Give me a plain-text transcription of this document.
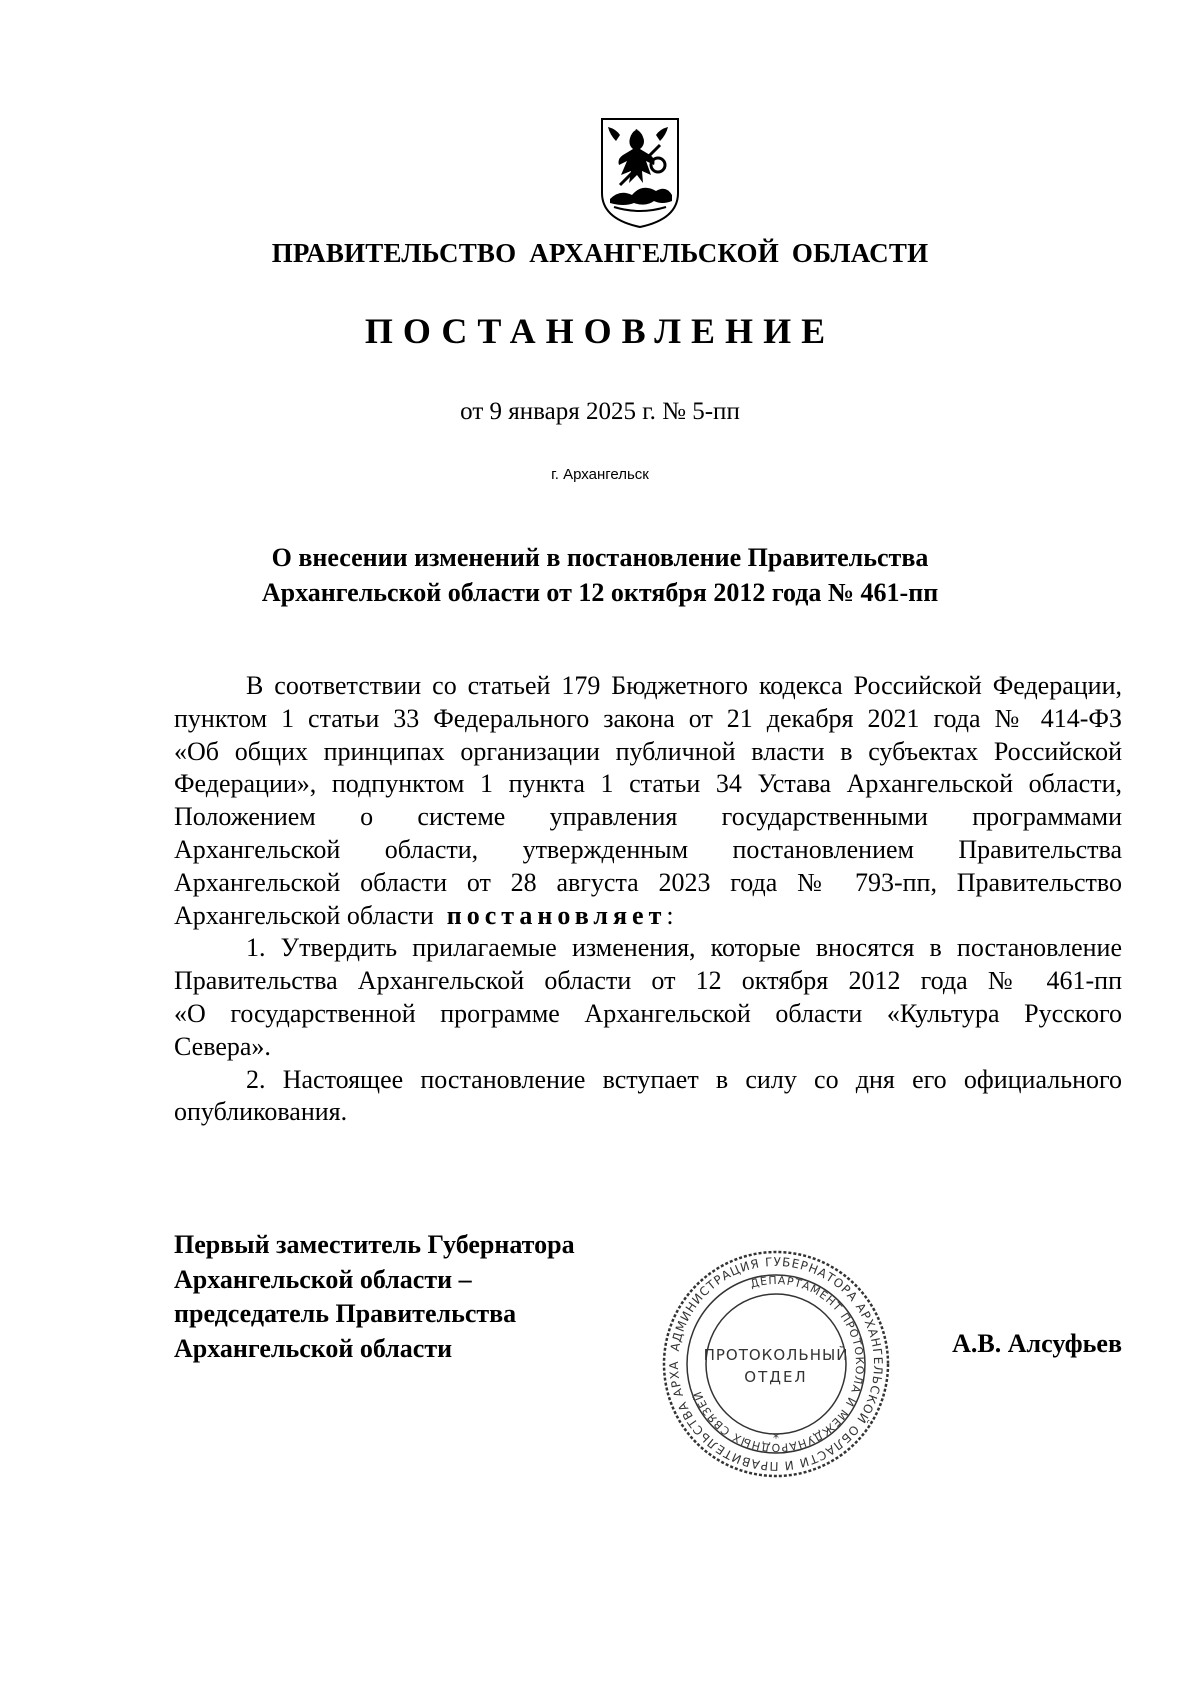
ПРАВИТЕЛЬСТВО АРХАНГЕЛЬСКОЙ ОБЛАСТИ
ПОСТАНОВЛЕНИЕ
от 9 января 2025 г. № 5-пп
г. Архангельск
О внесении изменений в постановление Правительства
Архангельской области от 12 октября 2012 года № 461-пп

В соответствии со статьей 179 Бюджетного кодекса Российской Федерации,
пунктом 1 статьи 33 Федерального закона от 21 декабря 2021 года № 414-ФЗ
«Об общих принципах организации публичной власти в субъектах Российской
Федерации», подпунктом 1 пункта 1 статьи 34 Устава Архангельской области,
Положением о системе управления государственными программами
Архангельской области, утвержденным постановлением Правительства
Архангельской области от 28 августа 2023 года № 793-пп, Правительство
Архангельской области постановляет:

1. Утвердить прилагаемые изменения, которые вносятся в постановление
Правительства Архангельской области от 12 октября 2012 года № 461-пп
«О государственной программе Архангельской области «Культура Русского
Севера».

2. Настоящее постановление вступает в силу со дня его официального
опубликования.

Первый заместитель Губернатора
Архангельской области –
председатель Правительства
Архангельской области	АДМИНИСТРАЦИЯ ГУБЕРНАТОРА АРХАНГЕЛЬСКОЙ ОБЛАСТИ И ПРАВИТЕЛЬСТВА АРХА
ДЕПАРТАМЕНТ ПРОТОКОЛА И МЕЖДУНАРОДНЫХ СВЯЗЕЙ
ПРОТОКОЛЬНЫЙ
ОТДЕЛ
*
А.В. Алсуфьев
